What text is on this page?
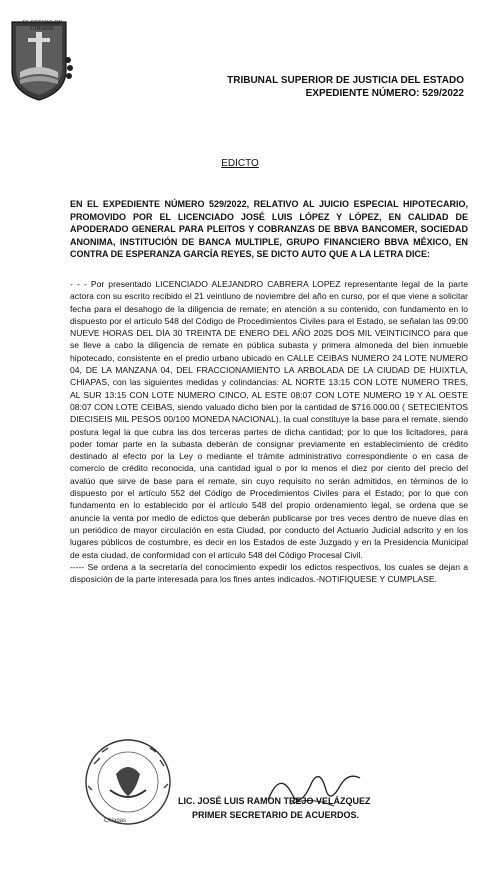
EL ESTADO DE CHIAPAS
TRIBUNAL SUPERIOR DE JUSTICIA DEL ESTADO
EXPEDIENTE NÚMERO: 529/2022
EDICTO
EN EL EXPEDIENTE NÚMERO 529/2022, RELATIVO AL JUICIO ESPECIAL HIPOTECARIO, PROMOVIDO POR EL LICENCIADO JOSÉ LUIS LÓPEZ Y LÓPEZ, EN CALIDAD DE APODERADO GENERAL PARA PLEITOS Y COBRANZAS DE BBVA BANCOMER, SOCIEDAD ANONIMA, INSTITUCIÓN DE BANCA MULTIPLE, GRUPO FINANCIERO BBVA MÉXICO, EN CONTRA DE ESPERANZA GARCÍA REYES, SE DICTO AUTO QUE A LA LETRA DICE:

- - - Por presentado LICENCIADO ALEJANDRO CABRERA LOPEZ representante legal de la parte actora con su escrito recibido el 21 veintiuno de noviembre del año en curso, por el que viene a solicitar fecha para el desahogo de la diligencia de remate; en atención a su contenido, con fundamento en lo dispuesto por el artículo 548 del Código de Procedimientos Civiles para el Estado, se señalan las 09:00 NUEVE HORAS DEL DÍA 30 TREINTA DE ENERO DEL AÑO 2025 DOS MIL VEINTICINCO para que se lleve a cabo la diligencia de remate en pública subasta y primera almoneda del bien inmueble hipotecado, consistente en el predio urbano ubicado en CALLE CEIBAS NUMERO 24 LOTE NUMERO 04, DE LA MANZANA 04, DEL FRACCIONAMIENTO LA ARBOLADA DE LA CIUDAD DE HUIXTLA, CHIAPAS, con las siguientes medidas y colindancias: AL NORTE 13:15 CON LOTE NUMERO TRES, AL SUR 13:15 CON LOTE NUMERO CINCO, AL ESTE 08:07 CON LOTE NUMERO 19 Y AL OESTE 08:07 CON LOTE CEIBAS, siendo valuado dicho bien por la cantidad de $716.000.00 ( SETECIENTOS DIECISEIS MIL PESOS 00/100 MONEDA NACIONAL), la cual constituye la base para el remate, siendo postura legal la que cubra las dos terceras partes de dicha cantidad; por lo que los licitadores, para poder tomar parte en la subasta deberán de consignar previamente en establecimiento de crédito destinado al efecto por la Ley o mediante el trámite administrativo correspondiente o en casa de comercio de crédito reconocida, una cantidad igual o por lo menos el diez por ciento del precio del avalúo que sirve de base para el remate, sin cuyo requisito no serán admitidos, en términos de lo dispuesto por el artículo 552 del Código de Procedimientos Civiles para el Estado; por lo que con fundamento en lo establecido por el artículo 548 del propio ordenamiento legal, se ordena que se anuncie la venta por medio de edictos que deberán publicarse por tres veces dentro de nueve días en un periódico de mayor circulación en esta Ciudad, por conducto del Actuario Judicial adscrito y en los lugares públicos de costumbre, es decir en los Estados de este Juzgado y en la Presidencia Municipal de esta ciudad, de conformidad con el artículo 548 del Código Procesal Civil.

----- Se ordena a la secretaría del conocimiento expedir los edictos respectivos, los cuales se dejan a disposición de la parte interesada para los fines antes indicados.-NOTIFIQUESE Y CUMPLASE.

Chiapas
LIC. JOSÉ LUIS RAMON TREJO VELÁZQUEZ
PRIMER SECRETARIO DE ACUERDOS.
